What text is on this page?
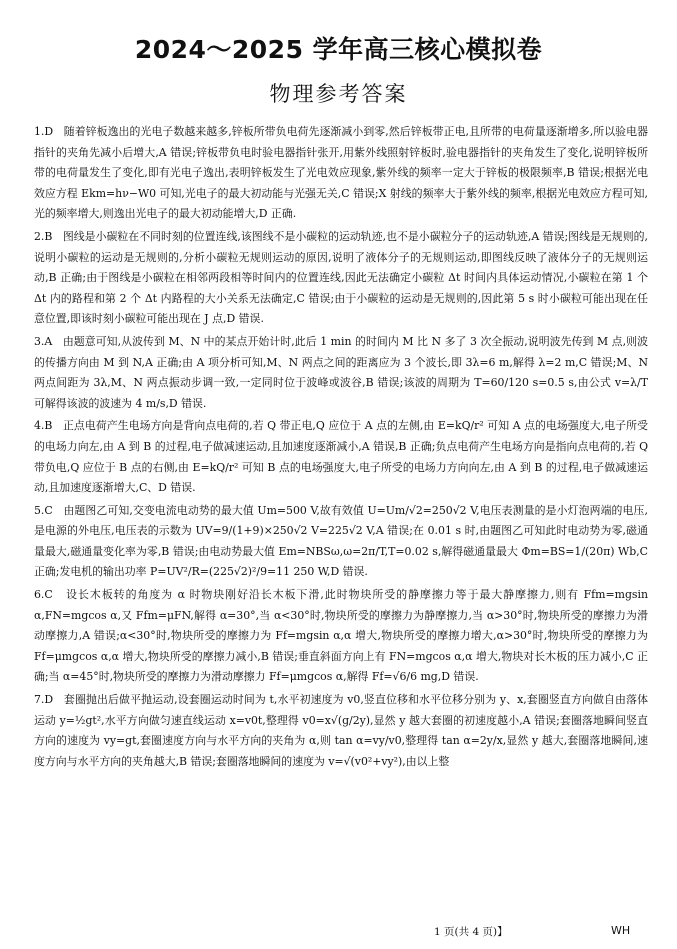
2024～2025 学年高三核心模拟卷
物理参考答案

1.D 随着锌板逸出的光电子数越来越多,锌板所带负电荷先逐渐减小到零,然后锌板带正电,且所带的电荷量逐渐增多,所以验电器指针的夹角先减小后增大,A 错误;锌板带负电时验电器指针张开,用紫外线照射锌板时,验电器指针的夹角发生了变化,说明锌板所带的电荷量发生了变化,即有光电子逸出,表明锌板发生了光电效应现象,紫外线的频率一定大于锌板的极限频率,B 错误;根据光电效应方程 Ekm=hν−W0 可知,光电子的最大初动能与光强无关,C 错误;X 射线的频率大于紫外线的频率,根据光电效应方程可知,光的频率增大,则逸出光电子的最大初动能增大,D 正确.

2.B 图线是小碳粒在不同时刻的位置连线,该图线不是小碳粒的运动轨迹,也不是小碳粒分子的运动轨迹,A 错误;图线是无规则的,说明小碳粒的运动是无规则的,分析小碳粒无规则运动的原因,说明了液体分子的无规则运动,即图线反映了液体分子的无规则运动,B 正确;由于图线是小碳粒在相邻两段相等时间内的位置连线,因此无法确定小碳粒 Δt 时间内具体运动情况,小碳粒在第 1 个 Δt 内的路程和第 2 个 Δt 内路程的大小关系无法确定,C 错误;由于小碳粒的运动是无规则的,因此第 5 s 时小碳粒可能出现在任意位置,即该时刻小碳粒可能出现在 J 点,D 错误.

3.A 由题意可知,从波传到 M、N 中的某点开始计时,此后 1 min 的时间内 M 比 N 多了 3 次全振动,说明波先传到 M 点,则波的传播方向由 M 到 N,A 正确;由 A 项分析可知,M、N 两点之间的距离应为 3 个波长,即 3λ=6 m,解得 λ=2 m,C 错误;M、N 两点间距为 3λ,M、N 两点振动步调一致,一定同时位于波峰或波谷,B 错误;该波的周期为 T=60/120 s=0.5 s,由公式 v=λ/T 可解得该波的波速为 4 m/s,D 错误.

4.B 正点电荷产生电场方向是背向点电荷的,若 Q 带正电,Q 应位于 A 点的左侧,由 E=kQ/r² 可知 A 点的电场强度大,电子所受的电场力向左,由 A 到 B 的过程,电子做减速运动,且加速度逐渐减小,A 错误,B 正确;负点电荷产生电场方向是指向点电荷的,若 Q 带负电,Q 应位于 B 点的右侧,由 E=kQ/r² 可知 B 点的电场强度大,电子所受的电场力方向向左,由 A 到 B 的过程,电子做减速运动,且加速度逐渐增大,C、D 错误.

5.C 由题图乙可知,交变电流电动势的最大值 Um=500 V,故有效值 U=Um/√2=250√2 V,电压表测量的是小灯泡两端的电压,是电源的外电压,电压表的示数为 UV=9/(1+9)×250√2 V=225√2 V,A 错误;在 0.01 s 时,由题图乙可知此时电动势为零,磁通量最大,磁通量变化率为零,B 错误;由电动势最大值 Em=NBSω,ω=2π/T,T=0.02 s,解得磁通量最大 Φm=BS=1/(20π) Wb,C 正确;发电机的输出功率 P=UV²/R=(225√2)²/9=11 250 W,D 错误.

6.C 设长木板转的角度为 α 时物块刚好沿长木板下滑,此时物块所受的静摩擦力等于最大静摩擦力,则有 Ffm=mgsin α,FN=mgcos α,又 Ffm=μFN,解得 α=30°,当 α<30°时,物块所受的摩擦力为静摩擦力,当 α>30°时,物块所受的摩擦力为滑动摩擦力,A 错误;α<30°时,物块所受的摩擦力为 Ff=mgsin α,α 增大,物块所受的摩擦力增大,α>30°时,物块所受的摩擦力为 Ff=μmgcos α,α 增大,物块所受的摩擦力减小,B 错误;垂直斜面方向上有 FN=mgcos α,α 增大,物块对长木板的压力减小,C 正确;当 α=45°时,物块所受的摩擦力为滑动摩擦力 Ff=μmgcos α,解得 Ff=√6/6 mg,D 错误.

7.D 套圈抛出后做平抛运动,设套圈运动时间为 t,水平初速度为 v0,竖直位移和水平位移分别为 y、x,套圈竖直方向做自由落体运动 y=½gt²,水平方向做匀速直线运动 x=v0t,整理得 v0=x√(g/2y),显然 y 越大套圈的初速度越小,A 错误;套圈落地瞬间竖直方向的速度为 vy=gt,套圈速度方向与水平方向的夹角为 α,则 tan α=vy/v0,整理得 tan α=2y/x,显然 y 越大,套圈落地瞬间,速度方向与水平方向的夹角越大,B 错误;套圈落地瞬间的速度为 v=√(v0²+vy²),由以上整

1 页(共 4 页)】	WH
